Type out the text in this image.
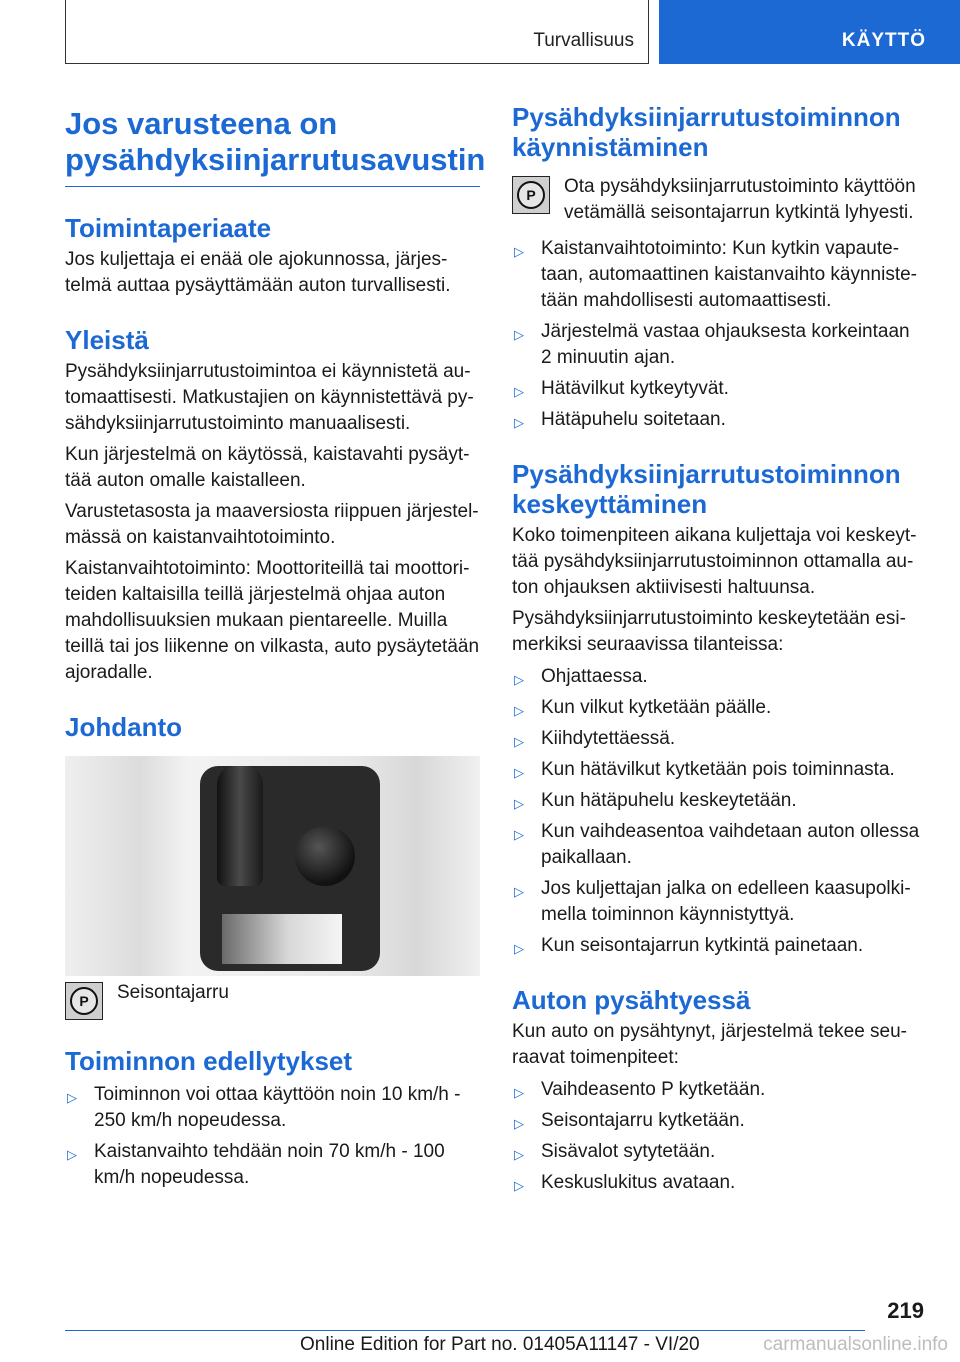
Turvallisuus	KÄYTTÖ
Jos varusteena on pysähdyksiinjarrutusavustin
Toimintaperiaate

Jos kuljettaja ei enää ole ajokunnossa, järjes-telmä auttaa pysäyttämään auton turvallisesti.

Yleistä

Pysähdyksiinjarrutustoimintoa ei käynnistetä au-tomaattisesti. Matkustajien on käynnistettävä py-sähdyksiinjarrutustoiminto manuaalisesti.

Kun järjestelmä on käytössä, kaistavahti pysäyt-tää auton omalle kaistalleen.

Varustetasosta ja maaversiosta riippuen järjestel-mässä on kaistanvaihtotoiminto.

Kaistanvaihtotoiminto: Moottoriteillä tai moottori-teiden kaltaisilla teillä järjestelmä ohjaa auton mahdollisuuksien mukaan pientareelle. Muilla teillä tai jos liikenne on vilkasta, auto pysäytetään ajoradalle.

Johdanto
P	Seisontajarru

Toiminnon edellytykset
▷ Toiminnon voi ottaa käyttöön noin 10 km/h - 250 km/h nopeudessa.
▷ Kaistanvaihto tehdään noin 70 km/h - 100 km/h nopeudessa.
Pysähdyksiinjarrutustoiminnon käynnistäminen
P	Ota pysähdyksiinjarrutustoiminto käyttöön vetämällä seisontajarrun kytkintä lyhyesti.

▷ Kaistanvaihtotoiminto: Kun kytkin vapaute-taan, automaattinen kaistanvaihto käynniste-tään mahdollisesti automaattisesti.
▷ Järjestelmä vastaa ohjauksesta korkeintaan 2 minuutin ajan.
▷ Hätävilkut kytkeytyvät.
▷ Hätäpuhelu soitetaan.
Pysähdyksiinjarrutustoiminnon keskeyttäminen

Koko toimenpiteen aikana kuljettaja voi keskeyt-tää pysähdyksiinjarrutustoiminnon ottamalla au-ton ohjauksen aktiivisesti haltuunsa.

Pysähdyksiinjarrutustoiminto keskeytetään esi-merkiksi seuraavissa tilanteissa:

▷ Ohjattaessa.
▷ Kun vilkut kytketään päälle.
▷ Kiihdytettäessä.
▷ Kun hätävilkut kytketään pois toiminnasta.
▷ Kun hätäpuhelu keskeytetään.
▷ Kun vaihdeasentoa vaihdetaan auton ollessa paikallaan.
▷ Jos kuljettajan jalka on edelleen kaasupolki-mella toiminnon käynnistyttyä.
▷ Kun seisontajarrun kytkintä painetaan.
Auton pysähtyessä

Kun auto on pysähtynyt, järjestelmä tekee seu-raavat toimenpiteet:

▷ Vaihdeasento P kytketään.
▷ Seisontajarru kytketään.
▷ Sisävalot sytytetään.
▷ Keskuslukitus avataan.
219
Online Edition for Part no. 01405A11147 - VI/20	carmanualsonline.info
